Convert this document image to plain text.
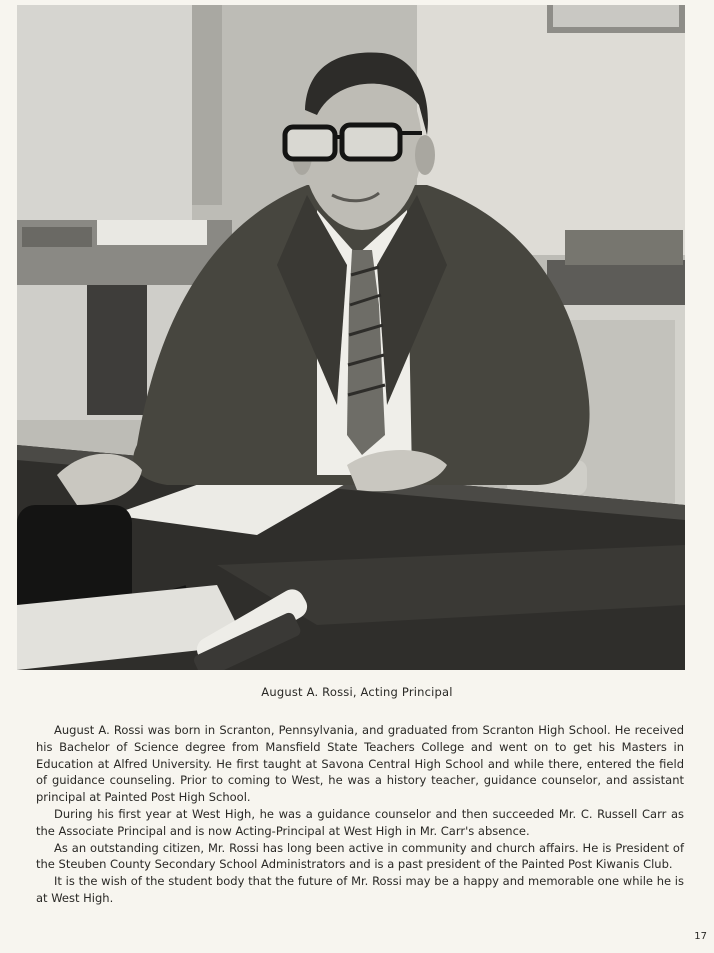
August A. Rossi, Acting Principal

August A. Rossi was born in Scranton, Pennsylvania, and graduated from Scranton High School. He received his Bachelor of Science degree from Mansfield State Teachers College and went on to get his Masters in Education at Alfred University. He first taught at Savona Central High School and while there, entered the field of guidance counseling. Prior to coming to West, he was a history teacher, guidance counselor, and assistant principal at Painted Post High School.

During his first year at West High, he was a guidance counselor and then succeeded Mr. C. Russell Carr as the Associate Principal and is now Acting-Principal at West High in Mr. Carr's absence.

As an outstanding citizen, Mr. Rossi has long been active in community and church affairs. He is President of the Steuben County Secondary School Administrators and is a past president of the Painted Post Kiwanis Club.

It is the wish of the student body that the future of Mr. Rossi may be a happy and memorable one while he is at West High.

17
